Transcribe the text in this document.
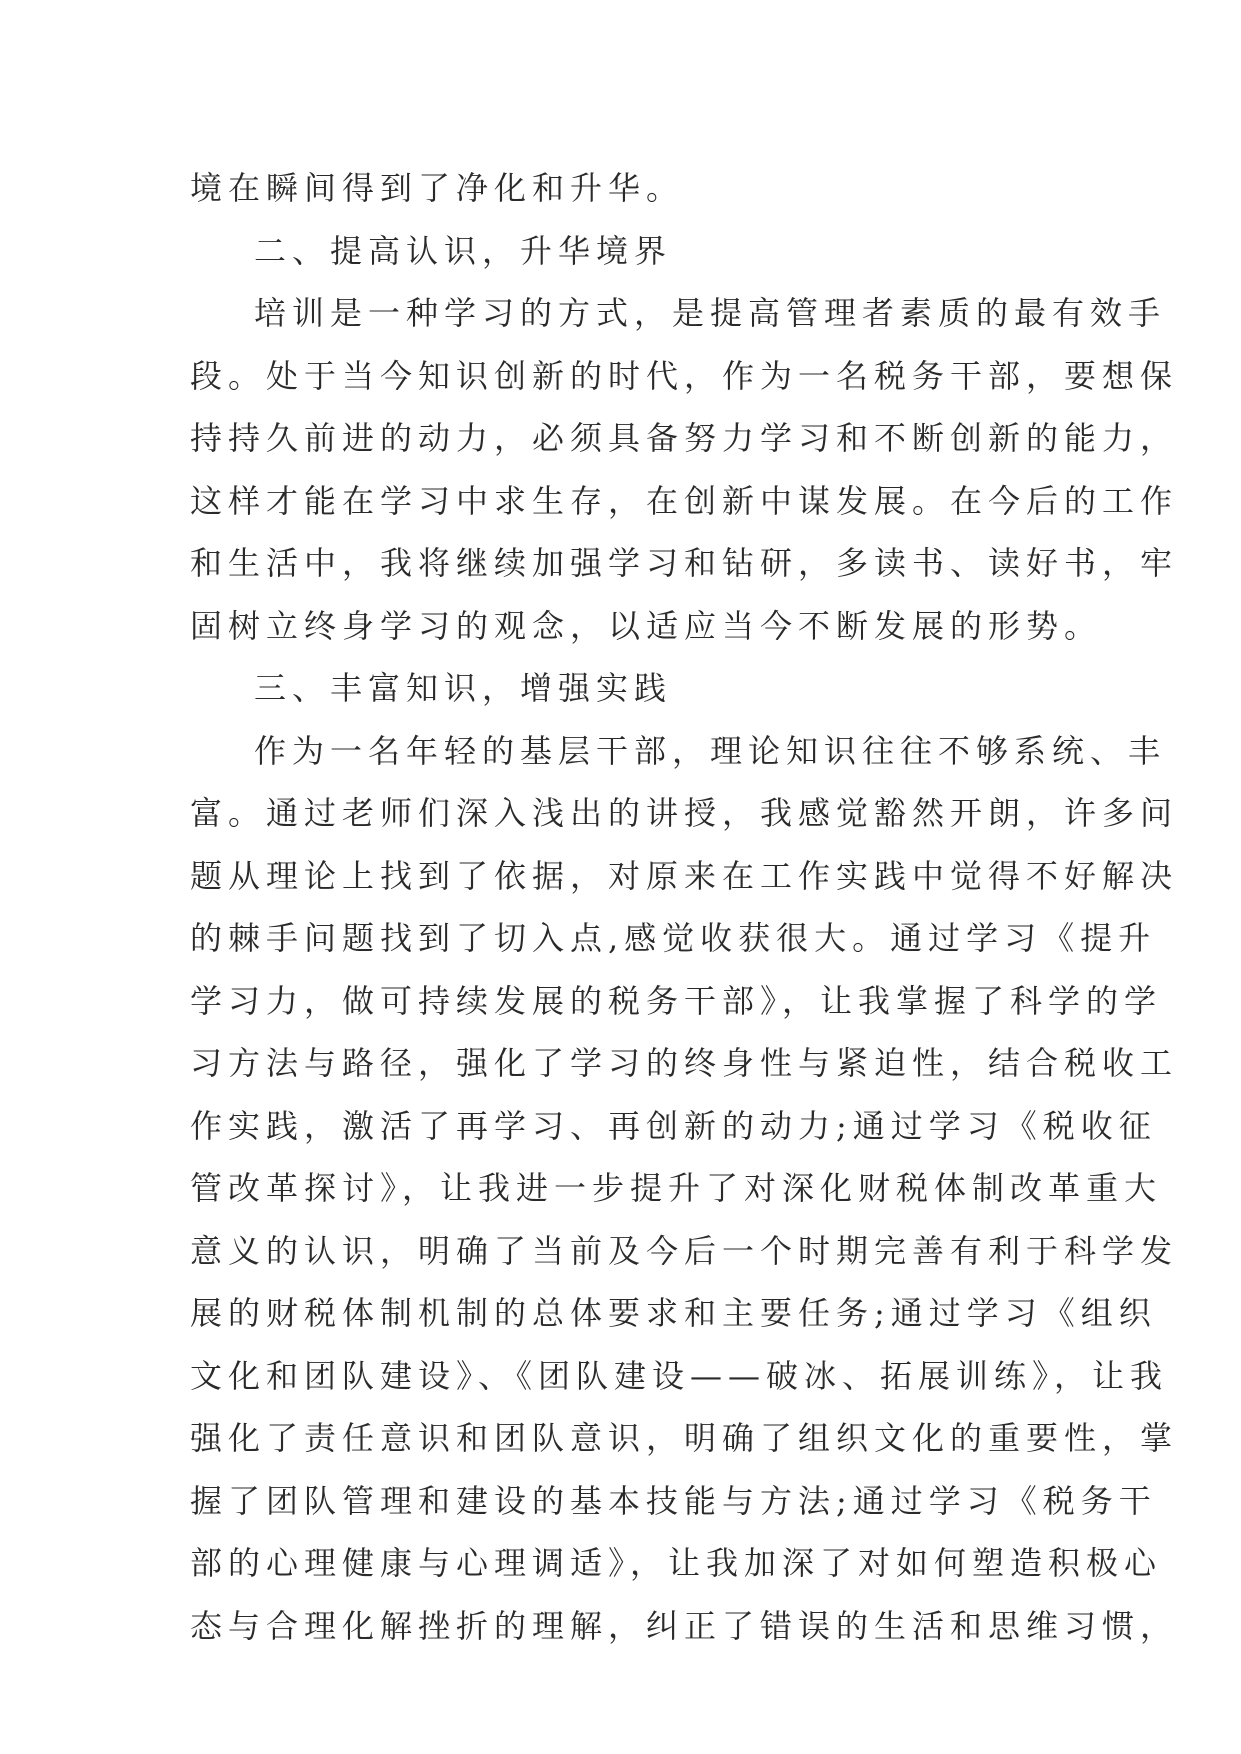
境在瞬间得到了净化和升华。
二、提高认识，升华境界
培训是一种学习的方式，是提高管理者素质的最有效手
段。处于当今知识创新的时代，作为一名税务干部，要想保
持持久前进的动力，必须具备努力学习和不断创新的能力，
这样才能在学习中求生存，在创新中谋发展。在今后的工作
和生活中，我将继续加强学习和钻研，多读书、读好书，牢
固树立终身学习的观念，以适应当今不断发展的形势。
三、丰富知识，增强实践
作为一名年轻的基层干部，理论知识往往不够系统、丰
富。通过老师们深入浅出的讲授，我感觉豁然开朗，许多问
题从理论上找到了依据，对原来在工作实践中觉得不好解决
的棘手问题找到了切入点,感觉收获很大。通过学习《提升
学习力，做可持续发展的税务干部》，让我掌握了科学的学
习方法与路径，强化了学习的终身性与紧迫性，结合税收工
作实践，激活了再学习、再创新的动力;通过学习《税收征
管改革探讨》，让我进一步提升了对深化财税体制改革重大
意义的认识，明确了当前及今后一个时期完善有利于科学发
展的财税体制机制的总体要求和主要任务;通过学习《组织
文化和团队建设》、《团队建设——破冰、拓展训练》，让我
强化了责任意识和团队意识，明确了组织文化的重要性，掌
握了团队管理和建设的基本技能与方法;通过学习《税务干
部的心理健康与心理调适》，让我加深了对如何塑造积极心
态与合理化解挫折的理解，纠正了错误的生活和思维习惯，
